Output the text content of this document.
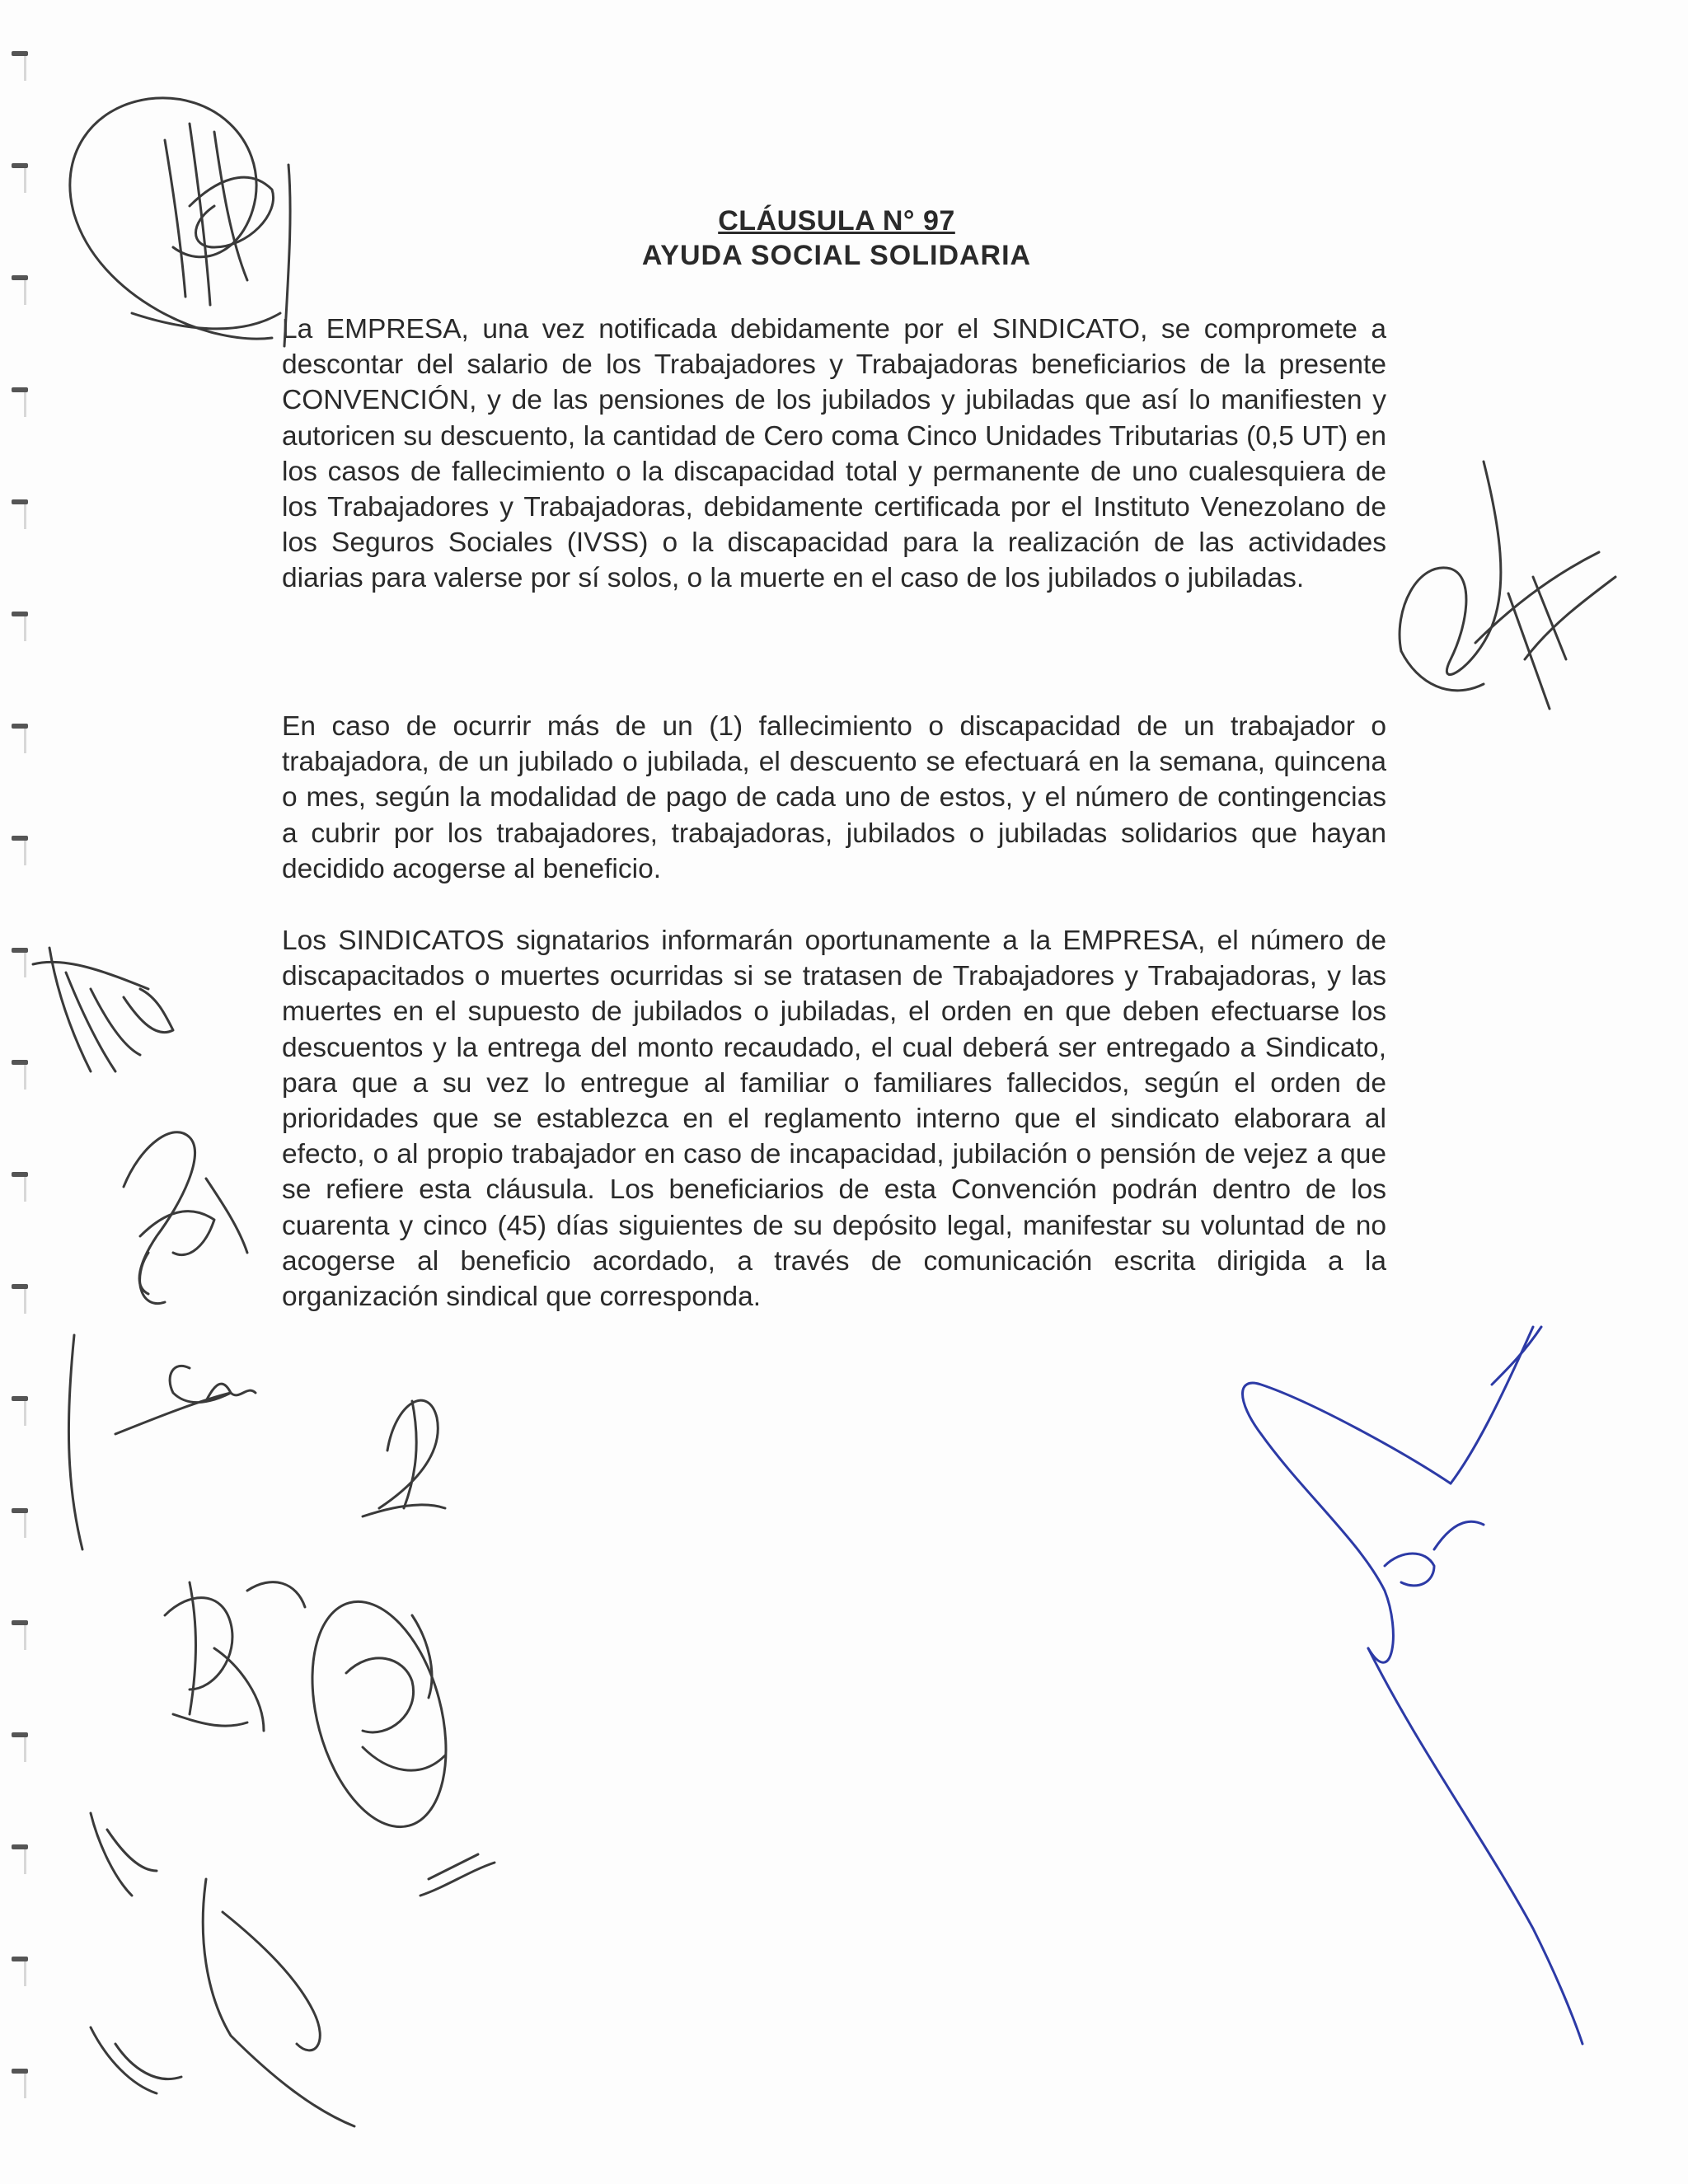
CLÁUSULA N° 97
AYUDA SOCIAL SOLIDARIA

La EMPRESA, una vez notificada debidamente por el SINDICATO, se compromete a descontar del salario de los Trabajadores y Trabajadoras beneficiarios de la presente CONVENCIÓN, y de las pensiones de los jubilados y jubiladas que así lo manifiesten y autoricen su descuento, la cantidad de Cero coma Cinco Unidades Tributarias (0,5 UT) en los casos de fallecimiento o la discapacidad total y permanente de uno cualesquiera de los Trabajadores y Trabajadoras, debidamente certificada por el Instituto Venezolano de los Seguros Sociales (IVSS) o la discapacidad para la realización de las actividades diarias para valerse por sí solos, o la muerte en el caso de los jubilados o jubiladas.

En caso de ocurrir más de un (1) fallecimiento o discapacidad de un trabajador o trabajadora, de un jubilado o jubilada, el descuento se efectuará en la semana, quincena o mes, según la modalidad de pago de cada uno de estos, y el número de contingencias a cubrir por los trabajadores, trabajadoras, jubilados o jubiladas solidarios que hayan decidido acogerse al beneficio.

Los SINDICATOS signatarios informarán oportunamente a la EMPRESA, el número de discapacitados o muertes ocurridas si se tratasen de Trabajadores y Trabajadoras, y las muertes en el supuesto de jubilados o jubiladas, el orden en que deben efectuarse los descuentos y la entrega del monto recaudado, el cual deberá ser entregado a Sindicato, para que a su vez lo entregue al familiar o familiares fallecidos, según el orden de prioridades que se establezca en el reglamento interno que el sindicato elaborara al efecto, o al propio trabajador en caso de incapacidad, jubilación o pensión de vejez a que se refiere esta cláusula. Los beneficiarios de esta Convención podrán dentro de los cuarenta y cinco (45) días siguientes de su depósito legal, manifestar su voluntad de no acogerse al beneficio acordado, a través de comunicación escrita dirigida a la organización sindical que corresponda.
